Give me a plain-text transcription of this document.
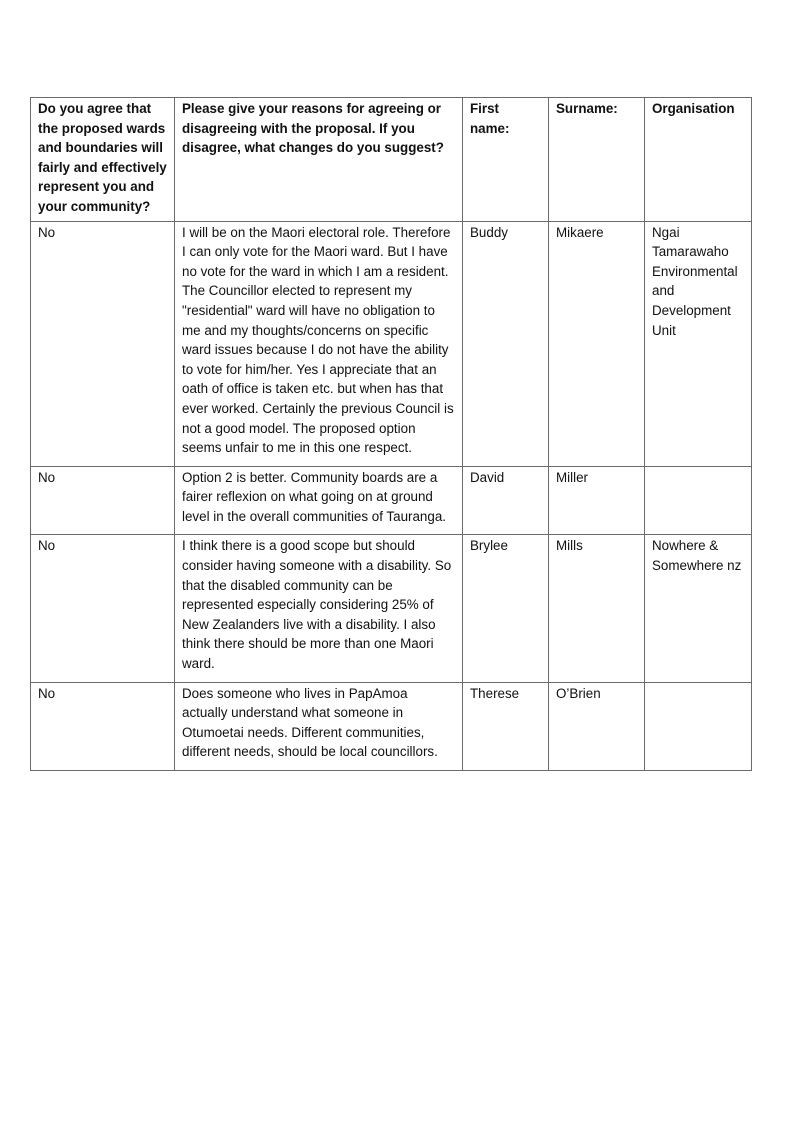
Do you agree that the proposed wards and boundaries will fairly and effectively represent you and your community?	Please give your reasons for agreeing or disagreeing with the proposal. If you disagree, what changes do you suggest?	First name:	Surname:	Organisation
No	I will be on the Maori electoral role. Therefore I can only vote for the Maori ward. But I have no vote for the ward in which I am a resident. The Councillor elected to represent my "residential" ward will have no obligation to me and my thoughts/concerns on specific ward issues because I do not have the ability to vote for him/her. Yes I appreciate that an oath of office is taken etc. but when has that ever worked. Certainly the previous Council is not a good model. The proposed option seems unfair to me in this one respect.	Buddy	Mikaere	Ngai Tamarawaho Environmental and Development Unit
No	Option 2 is better. Community boards are a fairer reflexion on what going on at ground level in the overall communities of Tauranga.	David	Miller	
No	I think there is a good scope but should consider having someone with a disability. So that the disabled community can be represented especially considering 25% of New Zealanders live with a disability. I also think there should be more than one Maori ward.	Brylee	Mills	Nowhere & Somewhere nz
No	Does someone who lives in PapAmoa actually understand what someone in Otumoetai needs. Different communities, different needs, should be local councillors.	Therese	O’Brien	
